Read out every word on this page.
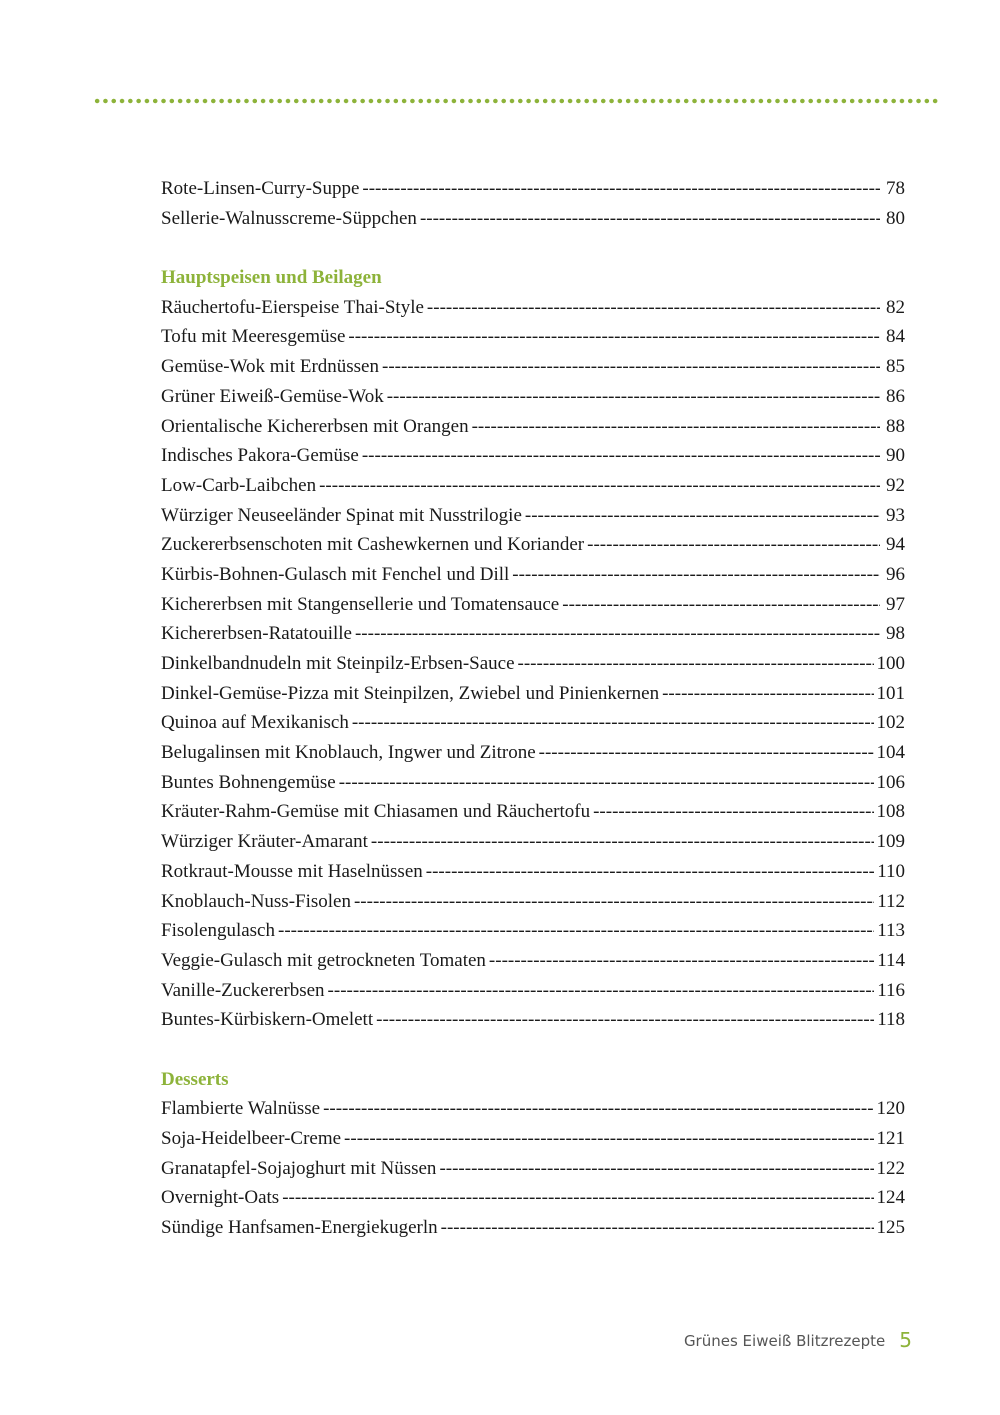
Rote-Linsen-Curry-Suppe -----	78
Sellerie-Walnusscreme-Süppchen -----	80
Hauptspeisen und Beilagen
Räuchertofu-Eierspeise Thai-Style -----	82
Tofu mit Meeresgemüse -----	84
Gemüse-Wok mit Erdnüssen -----	85
Grüner Eiweiß-Gemüse-Wok -----	86
Orientalische Kichererbsen mit Orangen -----	88
Indisches Pakora-Gemüse -----	90
Low-Carb-Laibchen -----	92
Würziger Neuseeländer Spinat mit Nusstrilogie -----	93
Zuckererbsenschoten mit Cashewkernen und Koriander -----	94
Kürbis-Bohnen-Gulasch mit Fenchel und Dill -----	96
Kichererbsen mit Stangensellerie und Tomatensauce -----	97
Kichererbsen-Ratatouille -----	98
Dinkelbandnudeln mit Steinpilz-Erbsen-Sauce -----	100
Dinkel-Gemüse-Pizza mit Steinpilzen, Zwiebel und Pinienkernen -----	101
Quinoa auf Mexikanisch -----	102
Belugalinsen mit Knoblauch, Ingwer und Zitrone -----	104
Buntes Bohnengemüse -----	106
Kräuter-Rahm-Gemüse mit Chiasamen und Räuchertofu -----	108
Würziger Kräuter-Amarant -----	109
Rotkraut-Mousse mit Haselnüssen -----	110
Knoblauch-Nuss-Fisolen -----	112
Fisolengulasch -----	113
Veggie-Gulasch mit getrockneten Tomaten -----	114
Vanille-Zuckererbsen -----	116
Buntes-Kürbiskern-Omelett -----	118
Desserts
Flambierte Walnüsse -----	120
Soja-Heidelbeer-Creme -----	121
Granatapfel-Sojajoghurt mit Nüssen -----	122
Overnight-Oats -----	124
Sündige Hanfsamen-Energiekugerln -----	125
Grünes Eiweiß Blitzrezepte 5
